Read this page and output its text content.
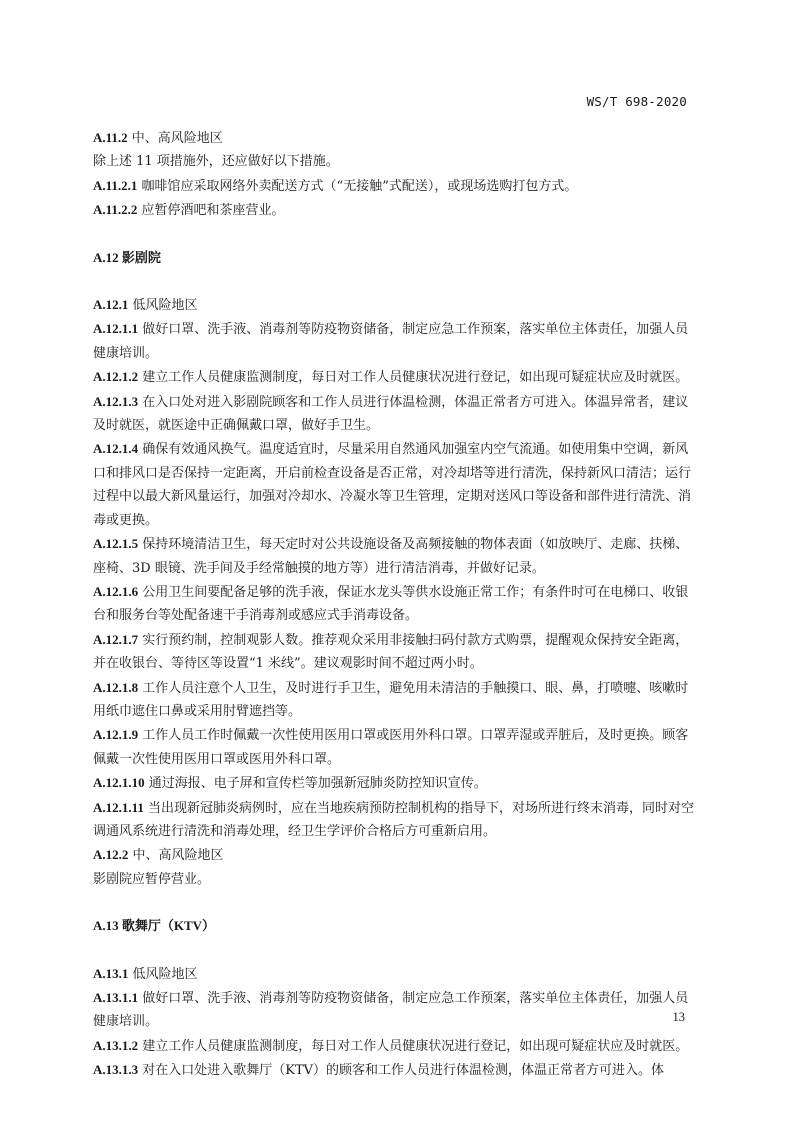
WS/T 698-2020

A.11.2 中、高风险地区

除上述 11 项措施外，还应做好以下措施。

A.11.2.1 咖啡馆应采取网络外卖配送方式（“无接触”式配送），或现场选购打包方式。

A.11.2.2 应暂停酒吧和茶座营业。

A.12 影剧院

A.12.1 低风险地区

A.12.1.1 做好口罩、洗手液、消毒剂等防疫物资储备，制定应急工作预案，落实单位主体责任，加强人员健康培训。

A.12.1.2 建立工作人员健康监测制度，每日对工作人员健康状况进行登记，如出现可疑症状应及时就医。

A.12.1.3 在入口处对进入影剧院顾客和工作人员进行体温检测，体温正常者方可进入。体温异常者，建议及时就医，就医途中正确佩戴口罩，做好手卫生。

A.12.1.4 确保有效通风换气。温度适宜时，尽量采用自然通风加强室内空气流通。如使用集中空调，新风口和排风口是否保持一定距离，开启前检查设备是否正常，对冷却塔等进行清洗，保持新风口清洁；运行过程中以最大新风量运行，加强对冷却水、冷凝水等卫生管理，定期对送风口等设备和部件进行清洗、消毒或更换。

A.12.1.5 保持环境清洁卫生，每天定时对公共设施设备及高频接触的物体表面（如放映厅、走廊、扶梯、座椅、3D 眼镜、洗手间及手经常触摸的地方等）进行清洁消毒，并做好记录。

A.12.1.6 公用卫生间要配备足够的洗手液，保证水龙头等供水设施正常工作；有条件时可在电梯口、收银台和服务台等处配备速干手消毒剂或感应式手消毒设备。

A.12.1.7 实行预约制，控制观影人数。推荐观众采用非接触扫码付款方式购票，提醒观众保持安全距离，并在收银台、等待区等设置“1 米线”。建议观影时间不超过两小时。

A.12.1.8 工作人员注意个人卫生，及时进行手卫生，避免用未清洁的手触摸口、眼、鼻，打喷嚏、咳嗽时用纸巾遮住口鼻或采用肘臂遮挡等。

A.12.1.9 工作人员工作时佩戴一次性使用医用口罩或医用外科口罩。口罩弄湿或弄脏后，及时更换。顾客佩戴一次性使用医用口罩或医用外科口罩。

A.12.1.10 通过海报、电子屏和宣传栏等加强新冠肺炎防控知识宣传。

A.12.1.11 当出现新冠肺炎病例时，应在当地疾病预防控制机构的指导下，对场所进行终末消毒，同时对空调通风系统进行清洗和消毒处理，经卫生学评价合格后方可重新启用。

A.12.2 中、高风险地区

影剧院应暂停营业。

A.13 歌舞厅（KTV）

A.13.1 低风险地区

A.13.1.1 做好口罩、洗手液、消毒剂等防疫物资储备，制定应急工作预案，落实单位主体责任，加强人员健康培训。

A.13.1.2 建立工作人员健康监测制度，每日对工作人员健康状况进行登记，如出现可疑症状应及时就医。

A.13.1.3 对在入口处进入歌舞厅（KTV）的顾客和工作人员进行体温检测，体温正常者方可进入。体

13
